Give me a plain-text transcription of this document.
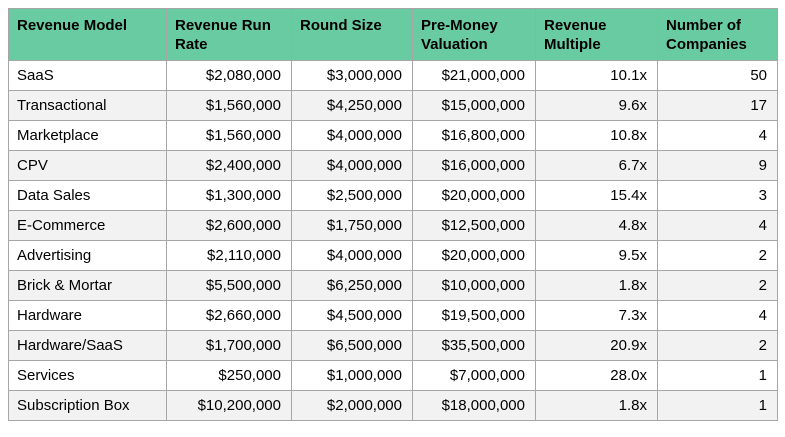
Revenue Model	Revenue Run Rate	Round Size	Pre-Money Valuation	Revenue Multiple	Number of Companies
SaaS	$2,080,000	$3,000,000	$21,000,000	10.1x	50
Transactional	$1,560,000	$4,250,000	$15,000,000	9.6x	17
Marketplace	$1,560,000	$4,000,000	$16,800,000	10.8x	4
CPV	$2,400,000	$4,000,000	$16,000,000	6.7x	9
Data Sales	$1,300,000	$2,500,000	$20,000,000	15.4x	3
E-Commerce	$2,600,000	$1,750,000	$12,500,000	4.8x	4
Advertising	$2,110,000	$4,000,000	$20,000,000	9.5x	2
Brick & Mortar	$5,500,000	$6,250,000	$10,000,000	1.8x	2
Hardware	$2,660,000	$4,500,000	$19,500,000	7.3x	4
Hardware/SaaS	$1,700,000	$6,500,000	$35,500,000	20.9x	2
Services	$250,000	$1,000,000	$7,000,000	28.0x	1
Subscription Box	$10,200,000	$2,000,000	$18,000,000	1.8x	1
